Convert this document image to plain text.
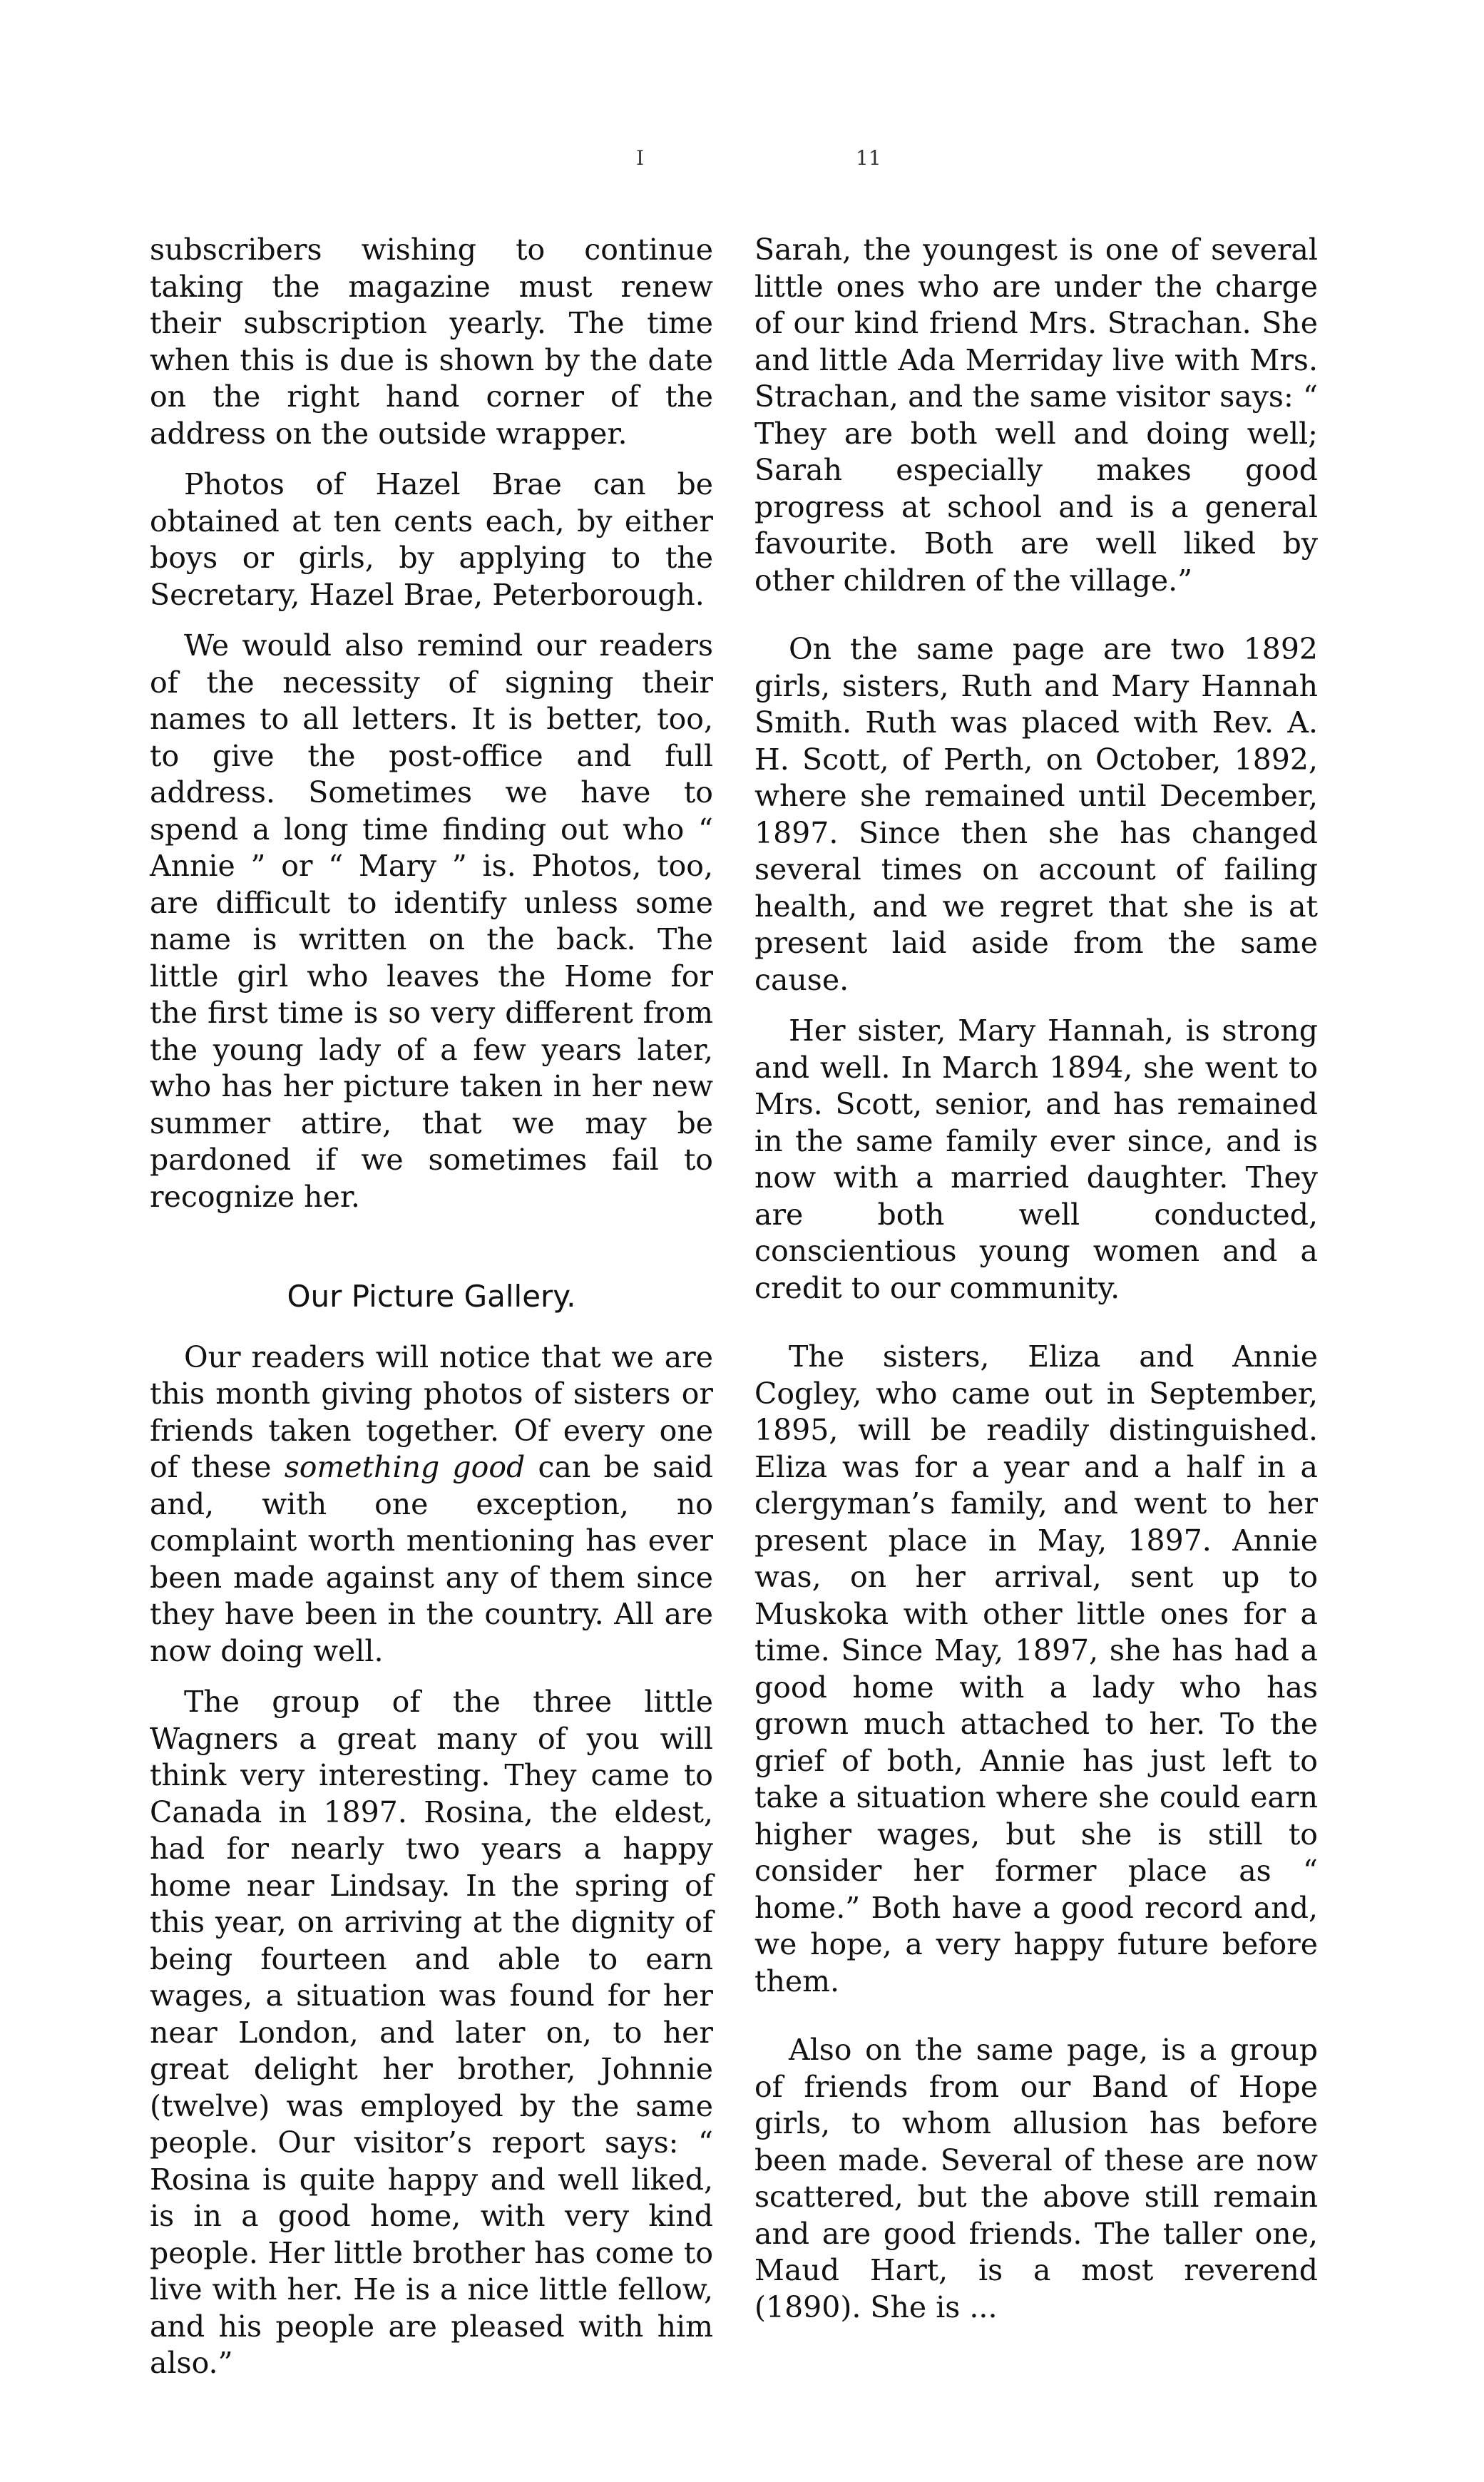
I	11

subscribers wishing to continue taking the magazine must renew their subscription yearly. The time when this is due is shown by the date on the right hand corner of the address on the outside wrapper.

Photos of Hazel Brae can be obtained at ten cents each, by either boys or girls, by applying to the Secretary, Hazel Brae, Peterborough.

We would also remind our readers of the necessity of signing their names to all letters. It is better, too, to give the post-office and full address. Sometimes we have to spend a long time finding out who “ Annie ” or “ Mary ” is. Photos, too, are difficult to identify unless some name is written on the back. The little girl who leaves the Home for the first time is so very different from the young lady of a few years later, who has her picture taken in her new summer attire, that we may be pardoned if we sometimes fail to recognize her.

Our Picture Gallery.

Our readers will notice that we are this month giving photos of sisters or friends taken together. Of every one of these something good can be said and, with one exception, no complaint worth mentioning has ever been made against any of them since they have been in the country. All are now doing well.

The group of the three little Wagners a great many of you will think very interesting. They came to Canada in 1897. Rosina, the eldest, had for nearly two years a happy home near Lindsay. In the spring of this year, on arriving at the dignity of being fourteen and able to earn wages, a situation was found for her near London, and later on, to her great delight her brother, Johnnie (twelve) was employed by the same people. Our visitor’s report says: “ Rosina is quite happy and well liked, is in a good home, with very kind people. Her little brother has come to live with her. He is a nice little fellow, and his people are pleased with him also.”

Sarah, the youngest is one of several little ones who are under the charge of our kind friend Mrs. Strachan. She and little Ada Merriday live with Mrs. Strachan, and the same visitor says: “ They are both well and doing well; Sarah especially makes good progress at school and is a general favourite. Both are well liked by other children of the village.”

On the same page are two 1892 girls, sisters, Ruth and Mary Hannah Smith. Ruth was placed with Rev. A. H. Scott, of Perth, on October, 1892, where she remained until December, 1897. Since then she has changed several times on account of failing health, and we regret that she is at present laid aside from the same cause.

Her sister, Mary Hannah, is strong and well. In March 1894, she went to Mrs. Scott, senior, and has remained in the same family ever since, and is now with a married daughter. They are both well conducted, conscientious young women and a credit to our community.

The sisters, Eliza and Annie Cogley, who came out in September, 1895, will be readily distinguished. Eliza was for a year and a half in a clergyman’s family, and went to her present place in May, 1897. Annie was, on her arrival, sent up to Muskoka with other little ones for a time. Since May, 1897, she has had a good home with a lady who has grown much attached to her. To the grief of both, Annie has just left to take a situation where she could earn higher wages, but she is still to consider her former place as “ home.” Both have a good record and, we hope, a very happy future before them.

Also on the same page, is a group of friends from our Band of Hope girls, to whom allusion has before been made. Several of these are now scattered, but the above still remain and are good friends. The taller one, Maud Hart, is a most reverend (1890). She is ...
